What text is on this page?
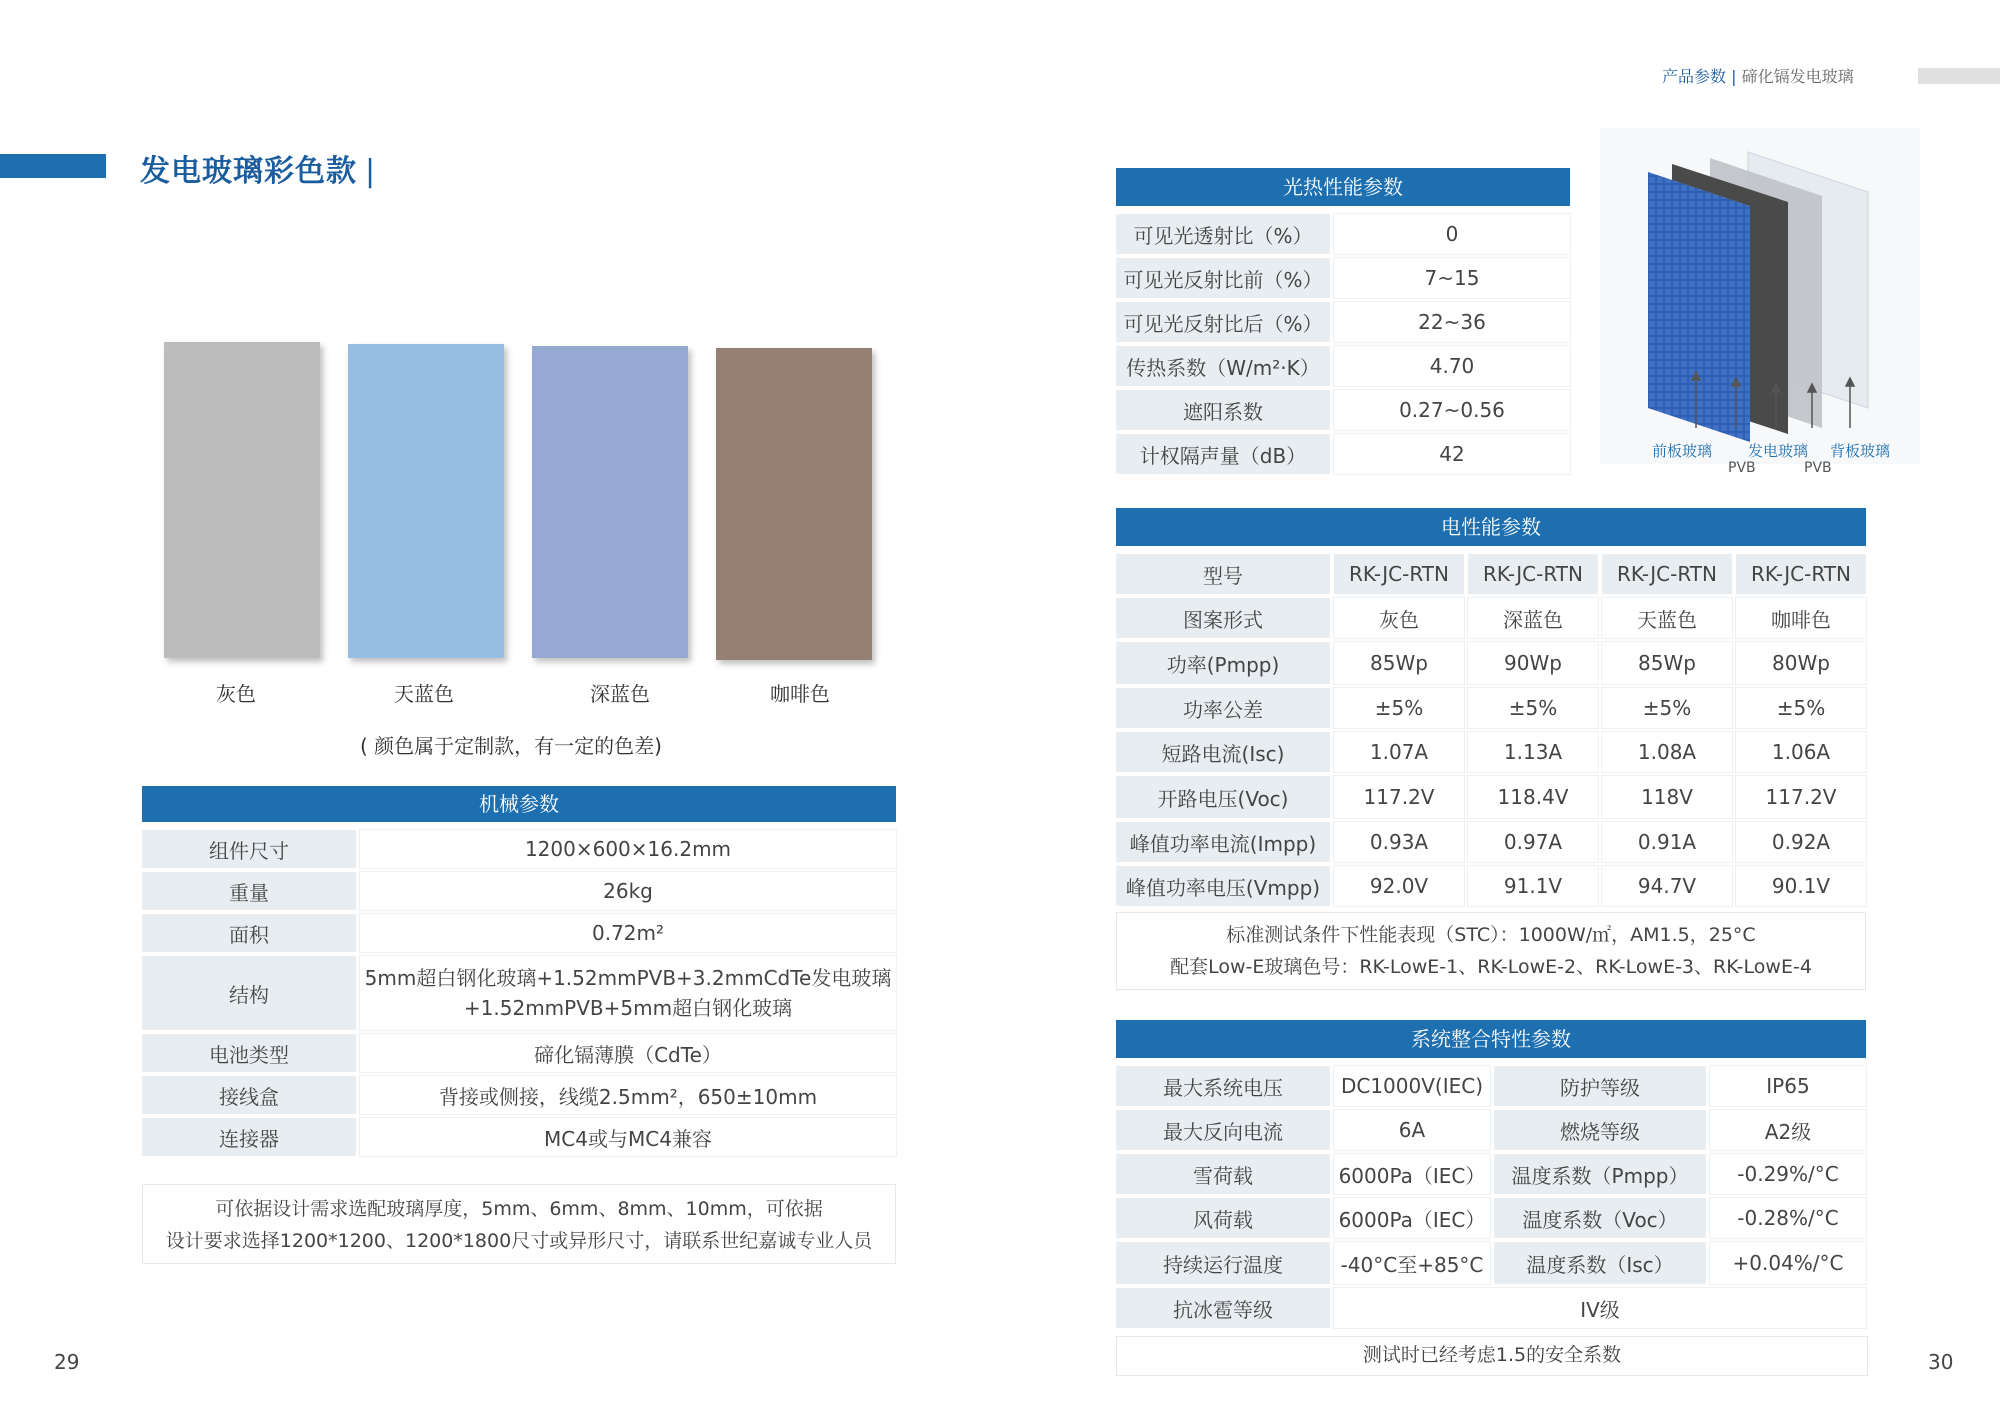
产品参数 | 碲化镉发电玻璃
发电玻璃彩色款 |
灰色	天蓝色	深蓝色	咖啡色
( 颜色属于定制款，有一定的色差)
机械参数
组件尺寸	1200×600×16.2mm
重量	26kg
面积	0.72m²
结构	5mm超白钢化玻璃+1.52mmPVB+3.2mmCdTe发电玻璃
+1.52mmPVB+5mm超白钢化玻璃

电池类型	碲化镉薄膜（CdTe）
接线盒	背接或侧接，线缆2.5mm²，650±10mm
连接器	MC4或与MC4兼容
可依据设计需求选配玻璃厚度，5mm、6mm、8mm、10mm，可依据
设计要求选择1200*1200、1200*1800尺寸或异形尺寸，请联系世纪嘉诚专业人员
29
光热性能参数
可见光透射比（%）	0
可见光反射比前（%）	7~15
可见光反射比后（%）	22~36
传热系数（W/m²·K）	4.70
遮阳系数	0.27~0.56
计权隔声量（dB）	42	前板玻璃 发电玻璃 背板玻璃
PVB	PVB
电性能参数
型号	RK-JC-RTN	RK-JC-RTN	RK-JC-RTN	RK-JC-RTN
图案形式	灰色	深蓝色	天蓝色	咖啡色
功率(Pmpp)	85Wp	90Wp	85Wp	80Wp
功率公差	±5%	±5%	±5%	±5%
短路电流(Isc)	1.07A	1.13A	1.08A	1.06A
开路电压(Voc)	117.2V	118.4V	118V	117.2V
峰值功率电流(Impp)	0.93A	0.97A	0.91A	0.92A
峰值功率电压(Vmpp)	92.0V	91.1V	94.7V	90.1V
标准测试条件下性能表现（STC）：1000W/㎡，AM1.5，25°C
配套Low-E玻璃色号：RK-LowE-1、RK-LowE-2、RK-LowE-3、RK-LowE-4
系统整合特性参数
最大系统电压	DC1000V(IEC)	防护等级	IP65
最大反向电流	6A	燃烧等级	A2级
雪荷载	6000Pa（IEC）	温度系数（Pmpp）	-0.29%/°C
风荷载	6000Pa（IEC）	温度系数（Voc）	-0.28%/°C
持续运行温度	-40°C至+85°C	温度系数（Isc）	+0.04%/°C
抗冰雹等级	IV级		
测试时已经考虑1.5的安全系数	30
